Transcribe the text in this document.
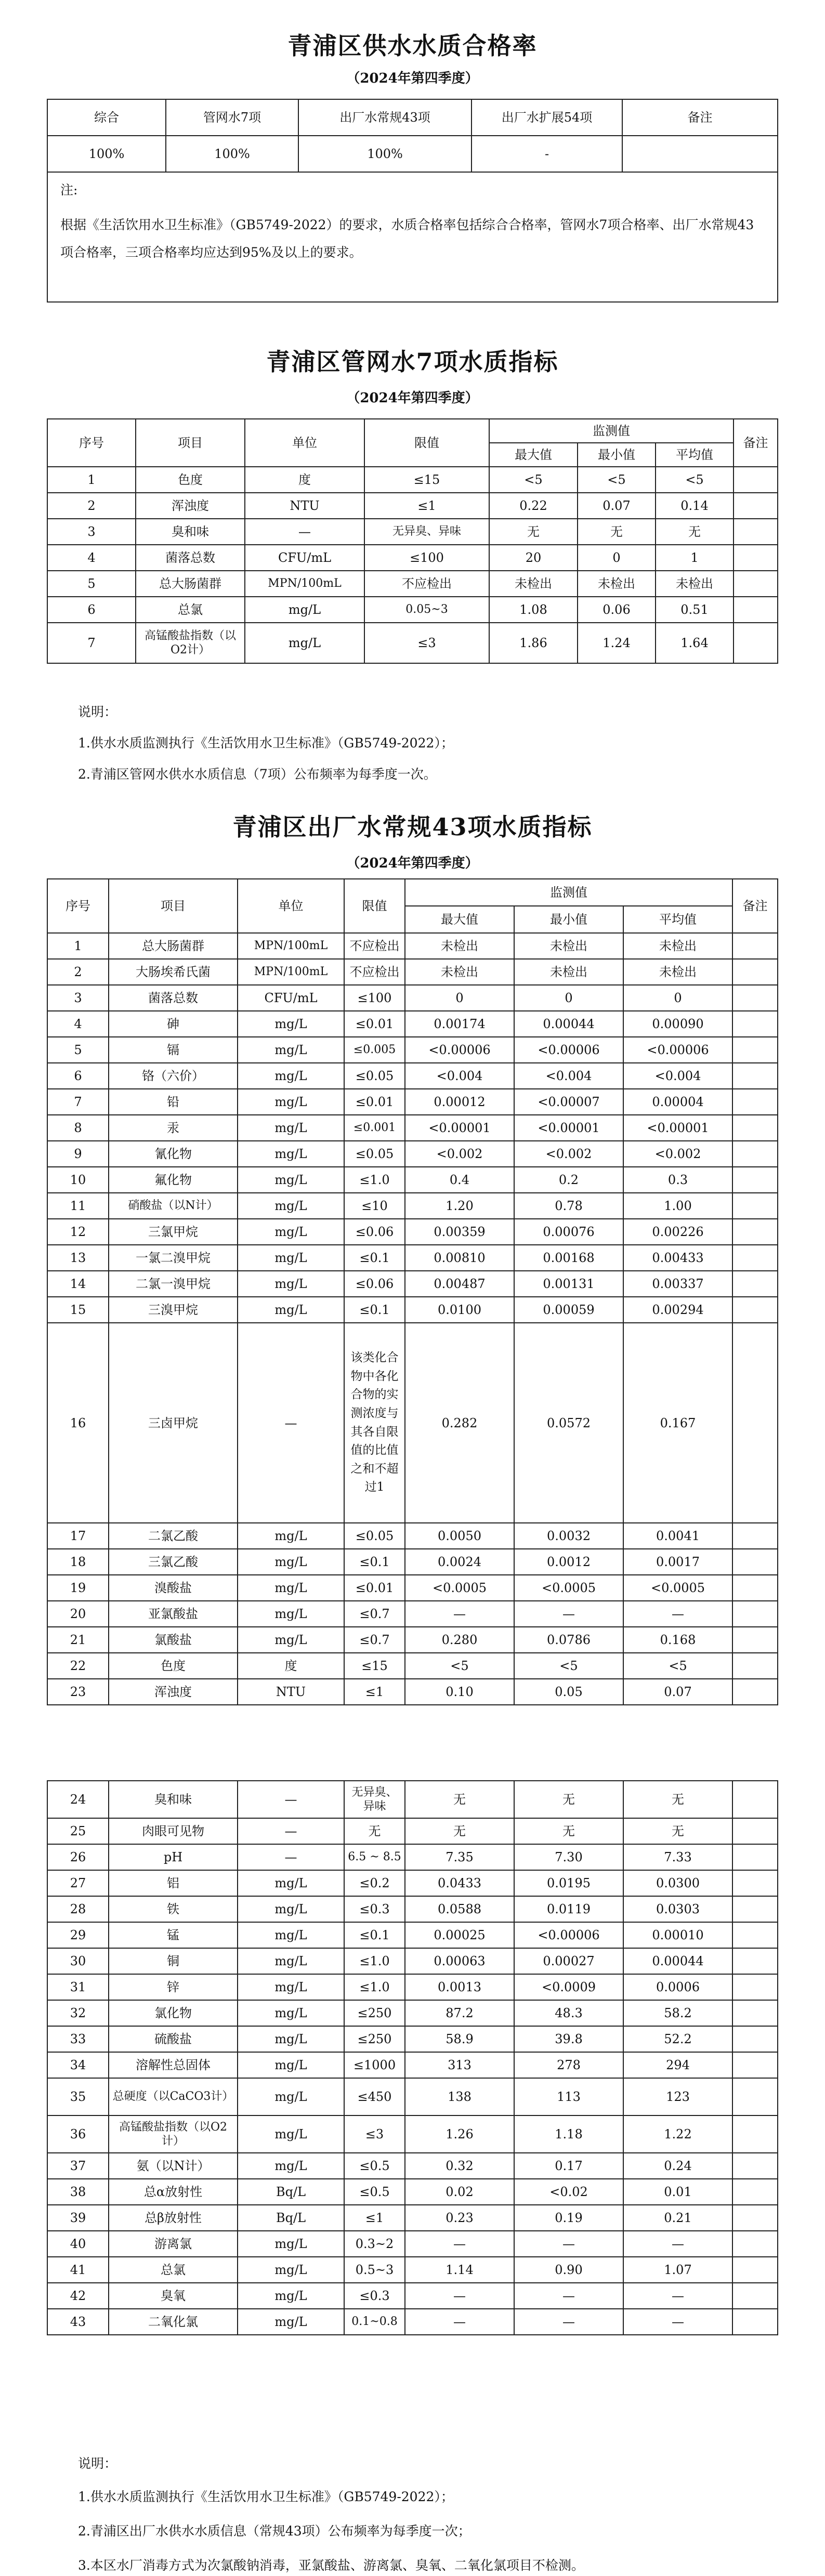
青浦区供水水质合格率

（2024年第四季度）

综合	管网水7项	出厂水常规43项	出厂水扩展54项	备注
100%	100%	100%	-	

注:
根据《生活饮用水卫生标准》（GB5749-2022）的要求，水质合格率包括综合合格率，管网水7项合格率、出厂水常规43项合格率，三项合格率均应达到95%及以上的要求。				
青浦区管网水7项水质指标

（2024年第四季度）

序号	项目	单位	限值	监测值			备注
				最大值	最小值	平均值	
1	色度	度	≤15	<5	<5	<5	
2	浑浊度	NTU	≤1	0.22	0.07	0.14	
3	臭和味	—	无异臭、异味	无	无	无	
4	菌落总数	CFU/mL	≤100	20	0	1	
5	总大肠菌群	MPN/100mL	不应检出	未检出	未检出	未检出	
6	总氯	mg/L	0.05~3	1.08	0.06	0.51	
7	高锰酸盐指数（以O2计）	mg/L	≤3	1.86	1.24	1.64	

说明：

1.供水水质监测执行《生活饮用水卫生标准》（GB5749-2022）；

2.青浦区管网水供水水质信息（7项）公布频率为每季度一次。

青浦区出厂水常规43项水质指标

（2024年第四季度）

序号	项目	单位	限值	监测值			备注
				最大值	最小值	平均值	
1	总大肠菌群	MPN/100mL	不应检出	未检出	未检出	未检出	
2	大肠埃希氏菌	MPN/100mL	不应检出	未检出	未检出	未检出	
3	菌落总数	CFU/mL	≤100	0	0	0	
4	砷	mg/L	≤0.01	0.00174	0.00044	0.00090	
5	镉	mg/L	≤0.005	<0.00006	<0.00006	<0.00006	
6	铬（六价）	mg/L	≤0.05	<0.004	<0.004	<0.004	
7	铅	mg/L	≤0.01	0.00012	<0.00007	0.00004	
8	汞	mg/L	≤0.001	<0.00001	<0.00001	<0.00001	
9	氰化物	mg/L	≤0.05	<0.002	<0.002	<0.002	
10	氟化物	mg/L	≤1.0	0.4	0.2	0.3	
11	硝酸盐（以N计）	mg/L	≤10	1.20	0.78	1.00	
12	三氯甲烷	mg/L	≤0.06	0.00359	0.00076	0.00226	
13	一氯二溴甲烷	mg/L	≤0.1	0.00810	0.00168	0.00433	
14	二氯一溴甲烷	mg/L	≤0.06	0.00487	0.00131	0.00337	
15	三溴甲烷	mg/L	≤0.1	0.0100	0.00059	0.00294	
16	三卤甲烷	—	该类化合物中各化合物的实测浓度与其各自限值的比值之和不超过1	0.282	0.0572	0.167	
17	二氯乙酸	mg/L	≤0.05	0.0050	0.0032	0.0041	
18	三氯乙酸	mg/L	≤0.1	0.0024	0.0012	0.0017	
19	溴酸盐	mg/L	≤0.01	<0.0005	<0.0005	<0.0005	
20	亚氯酸盐	mg/L	≤0.7	—	—	—	
21	氯酸盐	mg/L	≤0.7	0.280	0.0786	0.168	
22	色度	度	≤15	<5	<5	<5	
23	浑浊度	NTU	≤1	0.10	0.05	0.07	
24	臭和味	—	无异臭、异味	无	无	无	
25	肉眼可见物	—	无	无	无	无	
26	pH	—	6.5 ~ 8.5	7.35	7.30	7.33	
27	铝	mg/L	≤0.2	0.0433	0.0195	0.0300	
28	铁	mg/L	≤0.3	0.0588	0.0119	0.0303	
29	锰	mg/L	≤0.1	0.00025	<0.00006	0.00010	
30	铜	mg/L	≤1.0	0.00063	0.00027	0.00044	
31	锌	mg/L	≤1.0	0.0013	<0.0009	0.0006	
32	氯化物	mg/L	≤250	87.2	48.3	58.2	
33	硫酸盐	mg/L	≤250	58.9	39.8	52.2	
34	溶解性总固体	mg/L	≤1000	313	278	294	
35	总硬度（以CaCO3计）	mg/L	≤450	138	113	123	
36	高锰酸盐指数（以O2计）	mg/L	≤3	1.26	1.18	1.22	
37	氨（以N计）	mg/L	≤0.5	0.32	0.17	0.24	
38	总α放射性	Bq/L	≤0.5	0.02	<0.02	0.01	
39	总β放射性	Bq/L	≤1	0.23	0.19	0.21	
40	游离氯	mg/L	0.3~2	—	—	—	
41	总氯	mg/L	0.5~3	1.14	0.90	1.07	
42	臭氧	mg/L	≤0.3	—	—	—	
43	二氧化氯	mg/L	0.1~0.8	—	—	—	

说明：

1.供水水质监测执行《生活饮用水卫生标准》（GB5749-2022）；

2.青浦区出厂水供水水质信息（常规43项）公布频率为每季度一次；

3.本区水厂消毒方式为次氯酸钠消毒，亚氯酸盐、游离氯、臭氧、二氧化氯项目不检测。
